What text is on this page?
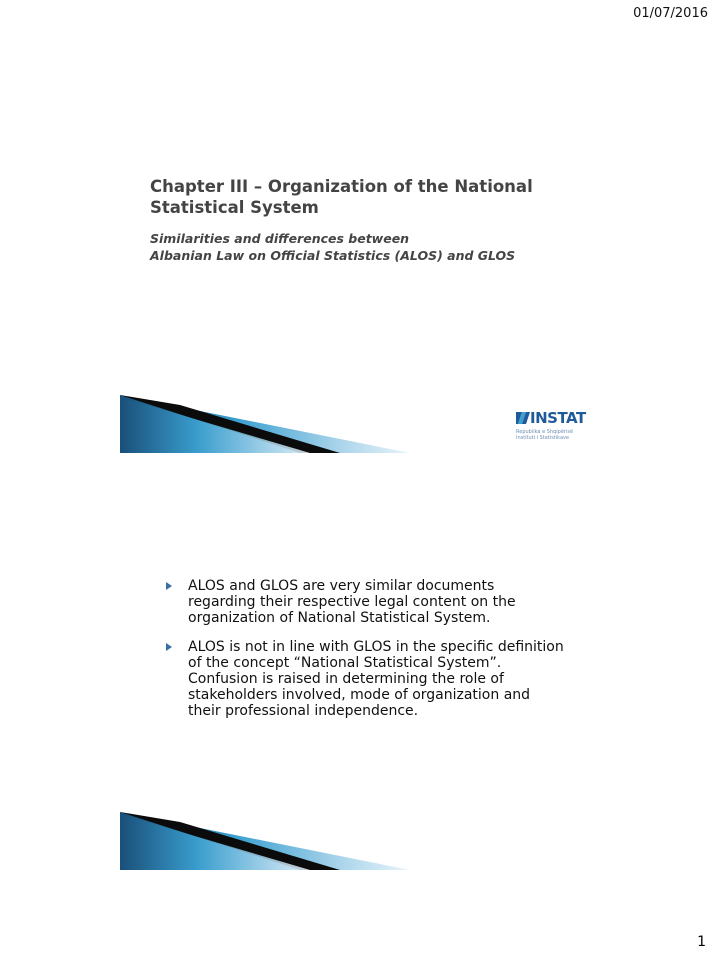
01/07/2016
Chapter III – Organization of the National Statistical System
Similarities and differences between
Albanian Law on Official Statistics (ALOS) and GLOS
INSTAT
Republika e Shqipërisë
Instituti i Statistikave
ALOS and GLOS are very similar documents regarding their respective legal content on the organization of National Statistical System.
ALOS is not in line with GLOS in the specific definition of the concept “National Statistical System”. Confusion is raised in determining the role of stakeholders involved, mode of organization and their professional independence.
1
